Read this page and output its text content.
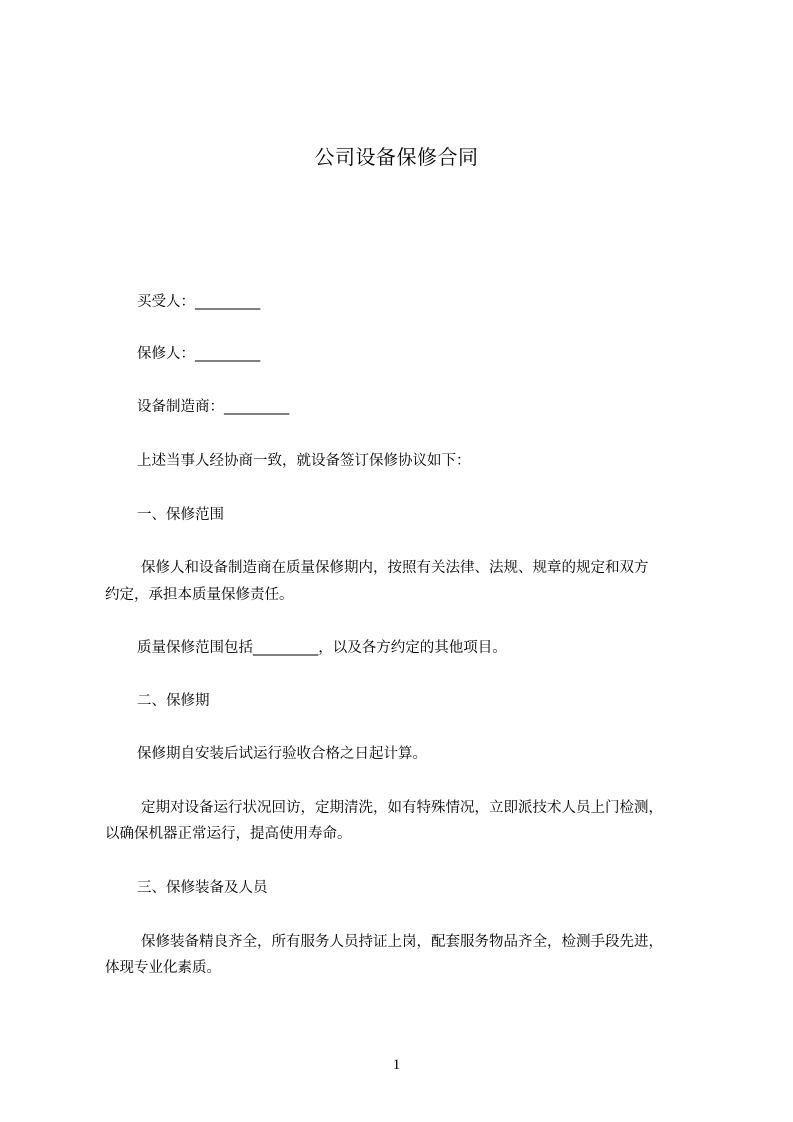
公司设备保修合同
买受人：_________
保修人：_________
设备制造商：_________
上述当事人经协商一致，就设备签订保修协议如下：
一、保修范围
保修人和设备制造商在质量保修期内，按照有关法律、法规、规章的规定和双方
约定，承担本质量保修责任。
质量保修范围包括_________，以及各方约定的其他项目。
二、保修期
保修期自安装后试运行验收合格之日起计算。
定期对设备运行状况回访，定期清洗，如有特殊情况，立即派技术人员上门检测，
以确保机器正常运行，提高使用寿命。
三、保修装备及人员
保修装备精良齐全，所有服务人员持证上岗，配套服务物品齐全，检测手段先进，
体现专业化素质。
1
